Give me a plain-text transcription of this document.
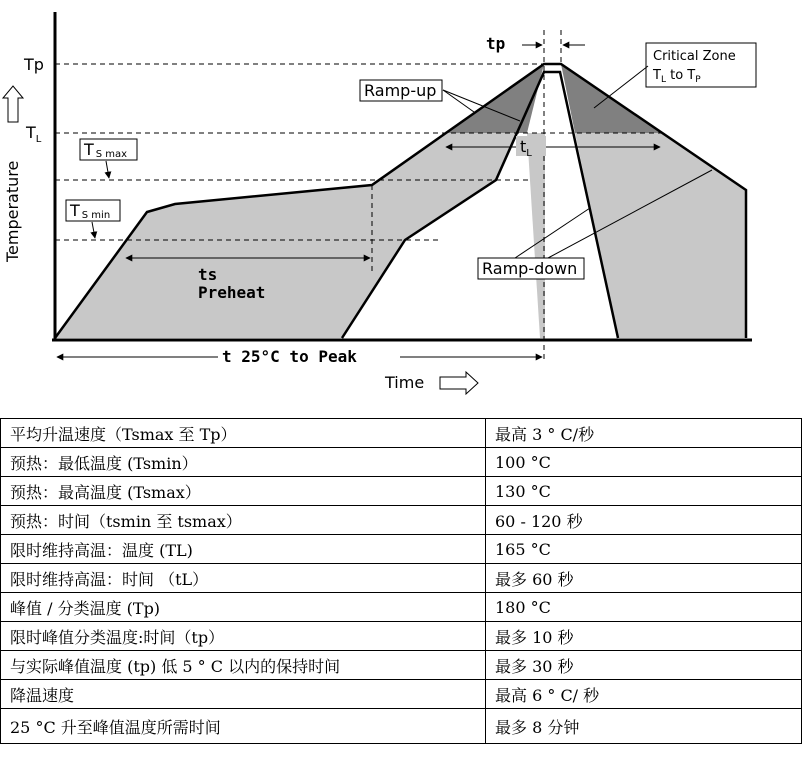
tp
$t_L$
ts
Preheat
t 25°C to Peak
Tp
$T_L$
T S max
T S min
Ramp-up
Critical Zone
$T_L$ to $T_P$
Ramp-down
Temperature
Time
平均升温速度（Tsmax 至 Tp）	最高 3 ° C/秒
预热：最低温度 (Tsmin）	100 °C
预热：最高温度 (Tsmax）	130 °C
预热：时间（tsmin 至 tsmax）	60 - 120 秒
限时维持高温：温度 (TL)	165 °C
限时维持高温：时间 （tL）	最多 60 秒
峰值 / 分类温度 (Tp)	180 °C
限时峰值分类温度:时间（tp）	最多 10 秒
与实际峰值温度 (tp) 低 5 ° C 以内的保持时间	最多 30 秒
降温速度	最高 6 ° C/ 秒
25 °C 升至峰值温度所需时间	最多 8 分钟
